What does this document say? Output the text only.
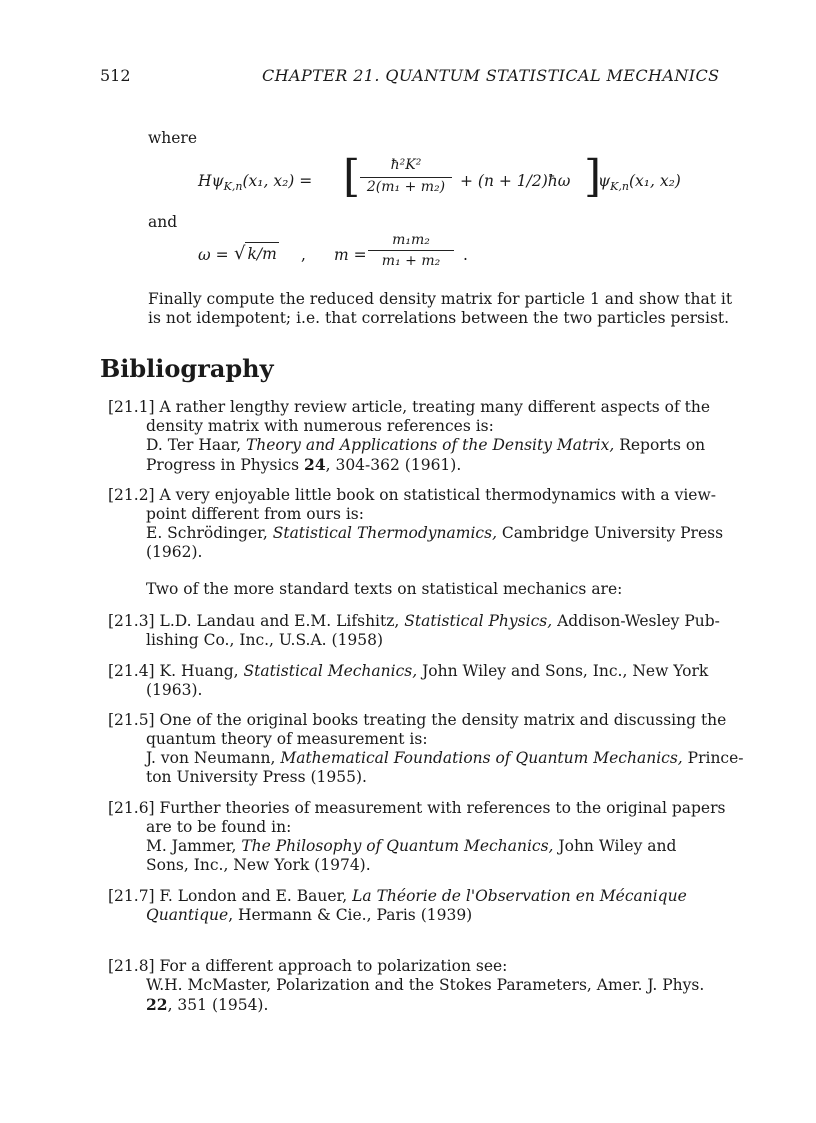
512	CHAPTER 21. QUANTUM STATISTICAL MECHANICS
where
$H\psi_{K,n}(x_1$, x₂) = [	ħ²K²
2(m₁ + m₂) + (n + 1/2)ħω ]
$\psi_{K,n}(x_1$, x₂)
and
ω = √ k/m , m =
m₁m₂
m₁ + m₂	.
Finally compute the reduced density matrix for particle 1 and show that it
is not idempotent; i.e. that correlations between the two particles persist.
Bibliography
[21.1] A rather lengthy review article, treating many different aspects of the
density matrix with numerous references is:
D. Ter Haar, Theory and Applications of the Density Matrix, Reports on
Progress in Physics 24, 304-362 (1961).
[21.2] A very enjoyable little book on statistical thermodynamics with a view-
point different from ours is:
E. Schrödinger, Statistical Thermodynamics, Cambridge University Press
(1962).
Two of the more standard texts on statistical mechanics are:
[21.3] L.D. Landau and E.M. Lifshitz, Statistical Physics, Addison-Wesley Pub-
lishing Co., Inc., U.S.A. (1958)
[21.4] K. Huang, Statistical Mechanics, John Wiley and Sons, Inc., New York
(1963).
[21.5] One of the original books treating the density matrix and discussing the
quantum theory of measurement is:
J. von Neumann, Mathematical Foundations of Quantum Mechanics, Prince-
ton University Press (1955).
[21.6] Further theories of measurement with references to the original papers
are to be found in:
M. Jammer, The Philosophy of Quantum Mechanics, John Wiley and
Sons, Inc., New York (1974).
[21.7] F. London and E. Bauer, La Théorie de l'Observation en Mécanique
Quantique, Hermann & Cie., Paris (1939)
[21.8] For a different approach to polarization see:
W.H. McMaster, Polarization and the Stokes Parameters, Amer. J. Phys.
22, 351 (1954).
